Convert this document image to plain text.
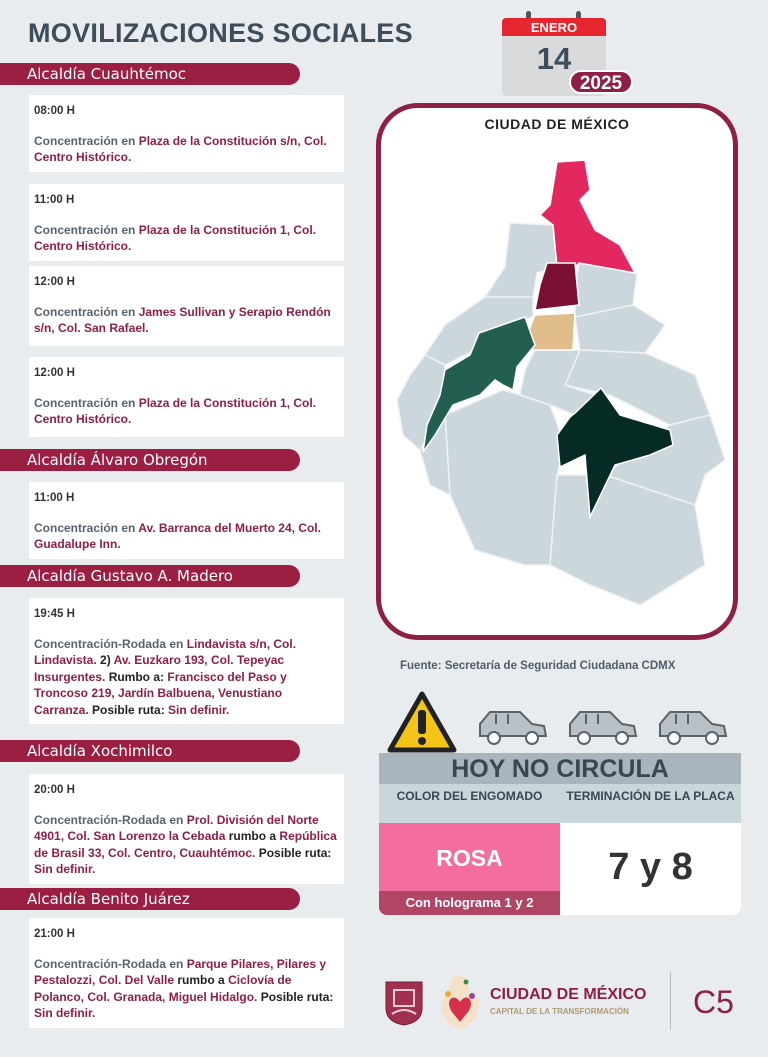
MOVILIZACIONES SOCIALES	ENERO
14
2025
Alcaldía Cuauhtémoc
08:00 H
Concentración en Plaza de la Constitución s/n, Col. Centro Histórico.
11:00 H
Concentración en Plaza de la Constitución 1, Col. Centro Histórico.
12:00 H
Concentración en James Sullivan y Serapio Rendón s/n, Col. San Rafael.
12:00 H
Concentración en Plaza de la Constitución 1, Col. Centro Histórico.
Alcaldía Álvaro Obregón
11:00 H
Concentración en Av. Barranca del Muerto 24, Col. Guadalupe Inn.
Alcaldía Gustavo A. Madero
19:45 H
Concentración-Rodada en Lindavista s/n, Col. Lindavista. 2) Av. Euzkaro 193, Col. Tepeyac Insurgentes. Rumbo a: Francisco del Paso y Troncoso 219, Jardín Balbuena, Venustiano Carranza. Posible ruta: Sin definir.
Alcaldía Xochimilco
20:00 H
Concentración-Rodada en Prol. División del Norte 4901, Col. San Lorenzo la Cebada rumbo a República de Brasil 33, Col. Centro, Cuauhtémoc. Posible ruta: Sin definir.
Alcaldía Benito Juárez
21:00 H
Concentración-Rodada en Parque Pilares, Pilares y Pestalozzi, Col. Del Valle rumbo a Ciclovía de Polanco, Col. Granada, Miguel Hidalgo. Posible ruta: Sin definir.
CIUDAD DE MÉXICO
Fuente: Secretaría de Seguridad Ciudadana CDMX
HOY NO CIRCULA
COLOR DEL ENGOMADO	TERMINACIÓN DE LA PLACA
ROSA
Con holograma 1 y 2
7 y 8
CIUDAD DE MÉXICO
CAPITAL DE LA TRANSFORMACIÓN C5
